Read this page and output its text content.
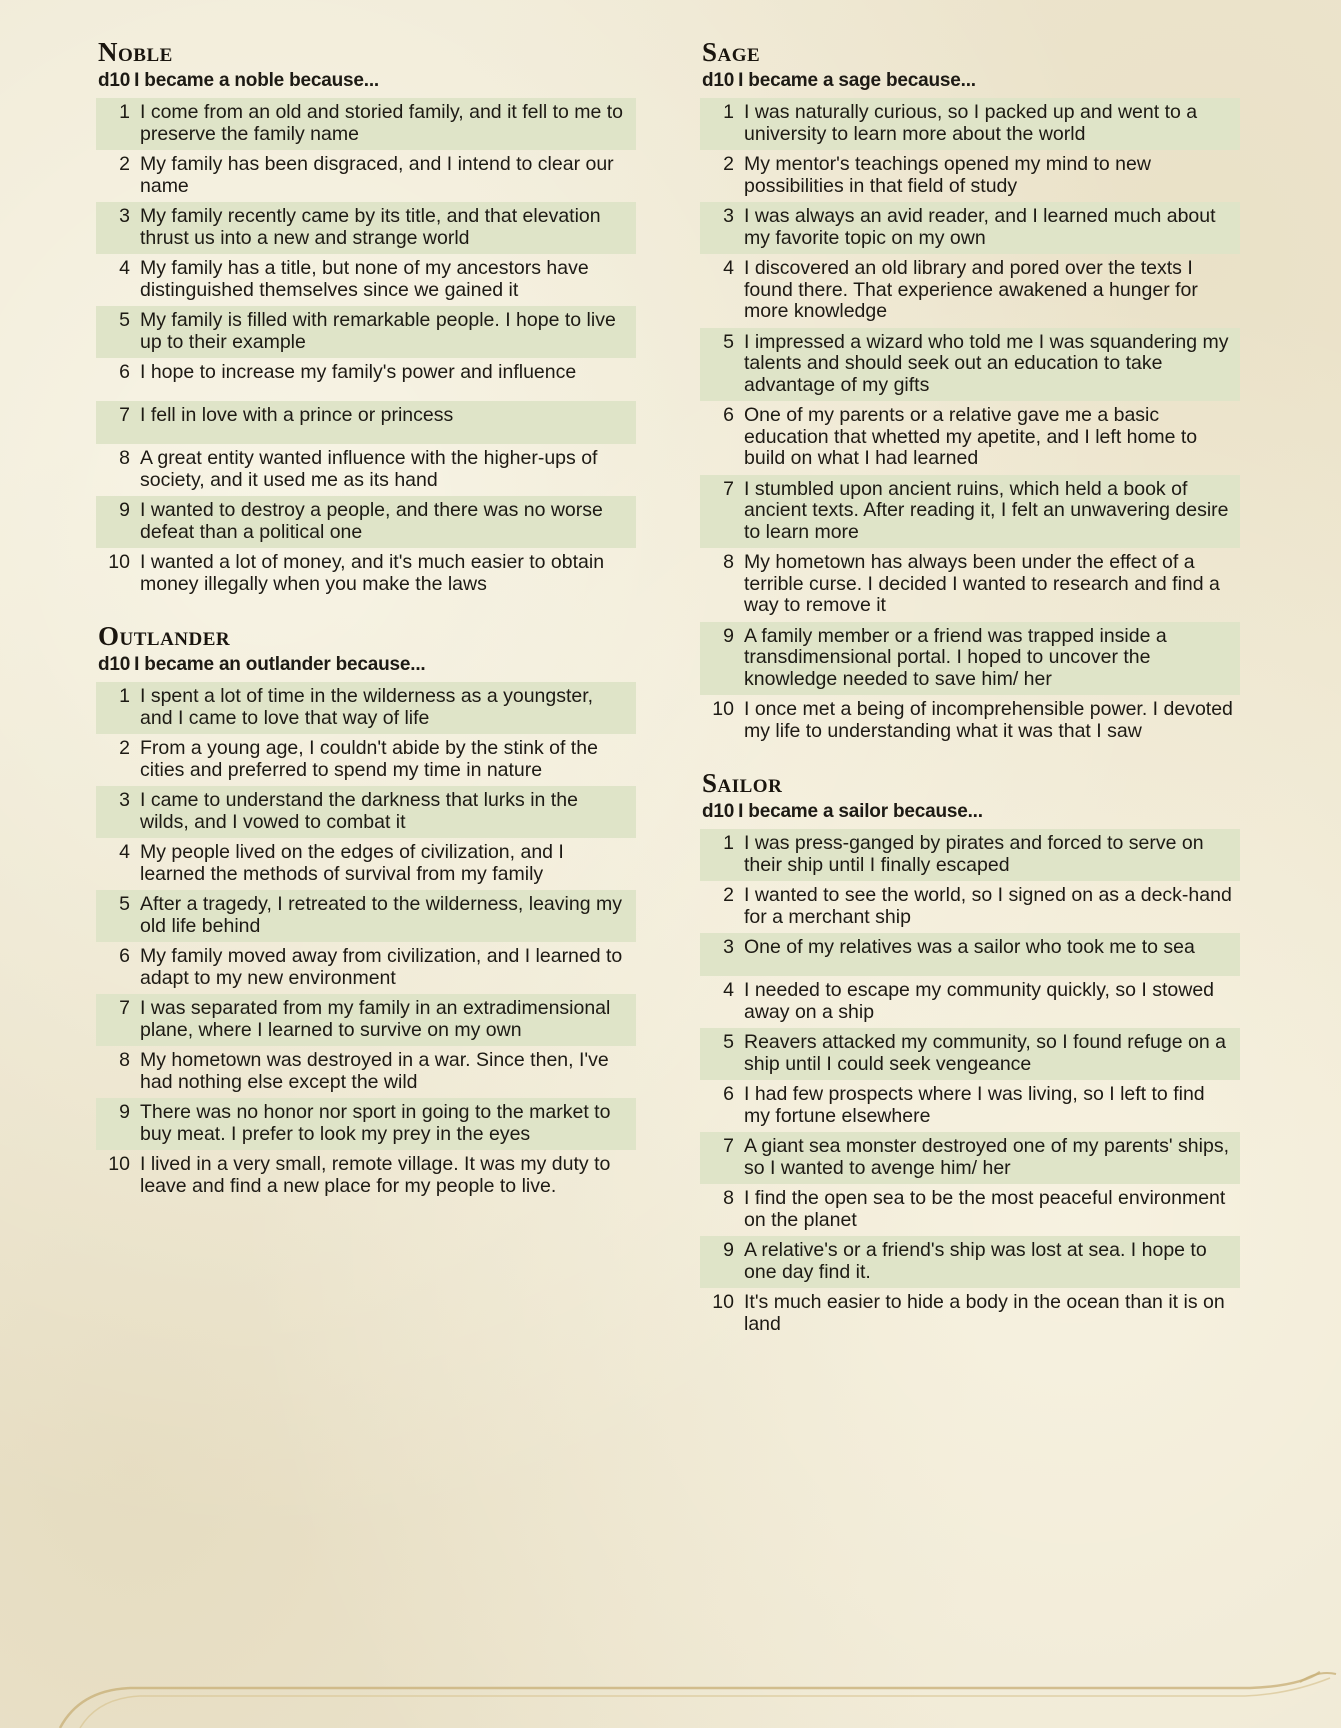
Noble
d10 I became a noble because...
1 I come from an old and storied family, and it fell to me to preserve the family name
2 My family has been disgraced, and I intend to clear our name
3 My family recently came by its title, and that elevation thrust us into a new and strange world
4 My family has a title, but none of my ancestors have distinguished themselves since we gained it
5 My family is filled with remarkable people. I hope to live up to their example
6 I hope to increase my family's power and influence
7 I fell in love with a prince or princess
8 A great entity wanted influence with the higher-ups of society, and it used me as its hand
9 I wanted to destroy a people, and there was no worse defeat than a political one
10 I wanted a lot of money, and it's much easier to obtain money illegally when you make the laws
Outlander
d10 I became an outlander because...
1 I spent a lot of time in the wilderness as a youngster, and I came to love that way of life
2 From a young age, I couldn't abide by the stink of the cities and preferred to spend my time in nature
3 I came to understand the darkness that lurks in the wilds, and I vowed to combat it
4 My people lived on the edges of civilization, and I learned the methods of survival from my family
5 After a tragedy, I retreated to the wilderness, leaving my old life behind
6 My family moved away from civilization, and I learned to adapt to my new environment
7 I was separated from my family in an extradimensional plane, where I learned to survive on my own
8 My hometown was destroyed in a war. Since then, I've had nothing else except the wild
9 There was no honor nor sport in going to the market to buy meat. I prefer to look my prey in the eyes
10 I lived in a very small, remote village. It was my duty to leave and find a new place for my people to live.
Sage
d10 I became a sage because...
1 I was naturally curious, so I packed up and went to a university to learn more about the world
2 My mentor's teachings opened my mind to new possibilities in that field of study
3 I was always an avid reader, and I learned much about my favorite topic on my own
4 I discovered an old library and pored over the texts I found there. That experience awakened a hunger for more knowledge
5 I impressed a wizard who told me I was squandering my talents and should seek out an education to take advantage of my gifts
6 One of my parents or a relative gave me a basic education that whetted my apetite, and I left home to build on what I had learned
7 I stumbled upon ancient ruins, which held a book of ancient texts. After reading it, I felt an unwavering desire to learn more
8 My hometown has always been under the effect of a terrible curse. I decided I wanted to research and find a way to remove it
9 A family member or a friend was trapped inside a transdimensional portal. I hoped to uncover the knowledge needed to save him/ her
10 I once met a being of incomprehensible power. I devoted my life to understanding what it was that I saw
Sailor
d10 I became a sailor because...
1 I was press-ganged by pirates and forced to serve on their ship until I finally escaped
2 I wanted to see the world, so I signed on as a deck-hand for a merchant ship
3 One of my relatives was a sailor who took me to sea
4 I needed to escape my community quickly, so I stowed away on a ship
5 Reavers attacked my community, so I found refuge on a ship until I could seek vengeance
6 I had few prospects where I was living, so I left to find my fortune elsewhere
7 A giant sea monster destroyed one of my parents' ships, so I wanted to avenge him/ her
8 I find the open sea to be the most peaceful environment on the planet
9 A relative's or a friend's ship was lost at sea. I hope to one day find it.
10 It's much easier to hide a body in the ocean than it is on land
